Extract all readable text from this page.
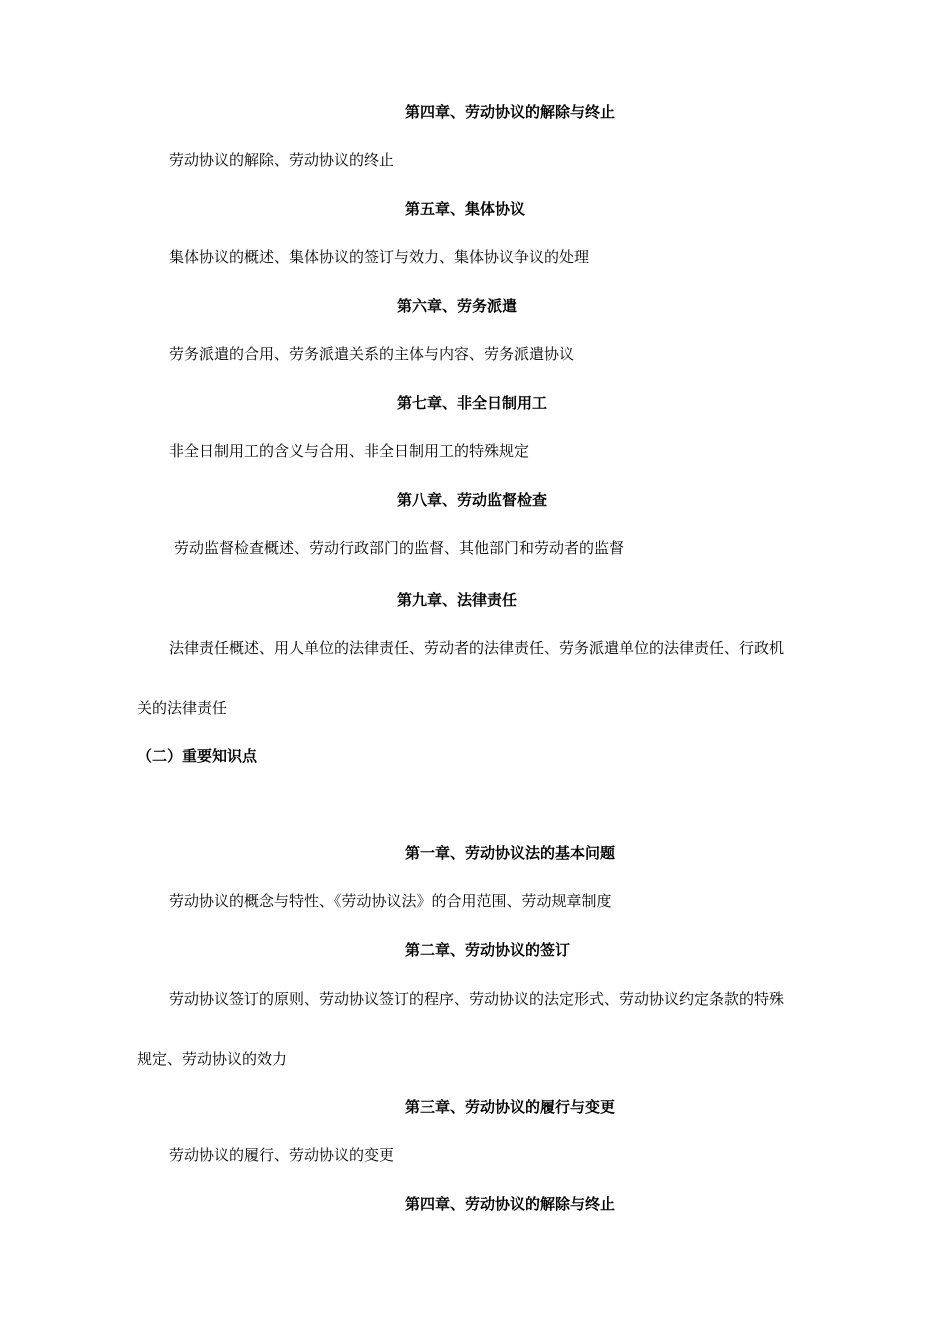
第四章、劳动协议的解除与终止
劳动协议的解除、劳动协议的终止
第五章、集体协议
集体协议的概述、集体协议的签订与效力、集体协议争议的处理
第六章、劳务派遣
劳务派遣的合用、劳务派遣关系的主体与内容、劳务派遣协议
第七章、非全日制用工
非全日制用工的含义与合用、非全日制用工的特殊规定
第八章、劳动监督检查
劳动监督检查概述、劳动行政部门的监督、其他部门和劳动者的监督
第九章、法律责任
法律责任概述、用人单位的法律责任、劳动者的法律责任、劳务派遣单位的法律责任、行政机
关的法律责任
（二）重要知识点
第一章、劳动协议法的基本问题
劳动协议的概念与特性、《劳动协议法》的合用范围、劳动规章制度
第二章、劳动协议的签订
劳动协议签订的原则、劳动协议签订的程序、劳动协议的法定形式、劳动协议约定条款的特殊
规定、劳动协议的效力
第三章、劳动协议的履行与变更
劳动协议的履行、劳动协议的变更
第四章、劳动协议的解除与终止
